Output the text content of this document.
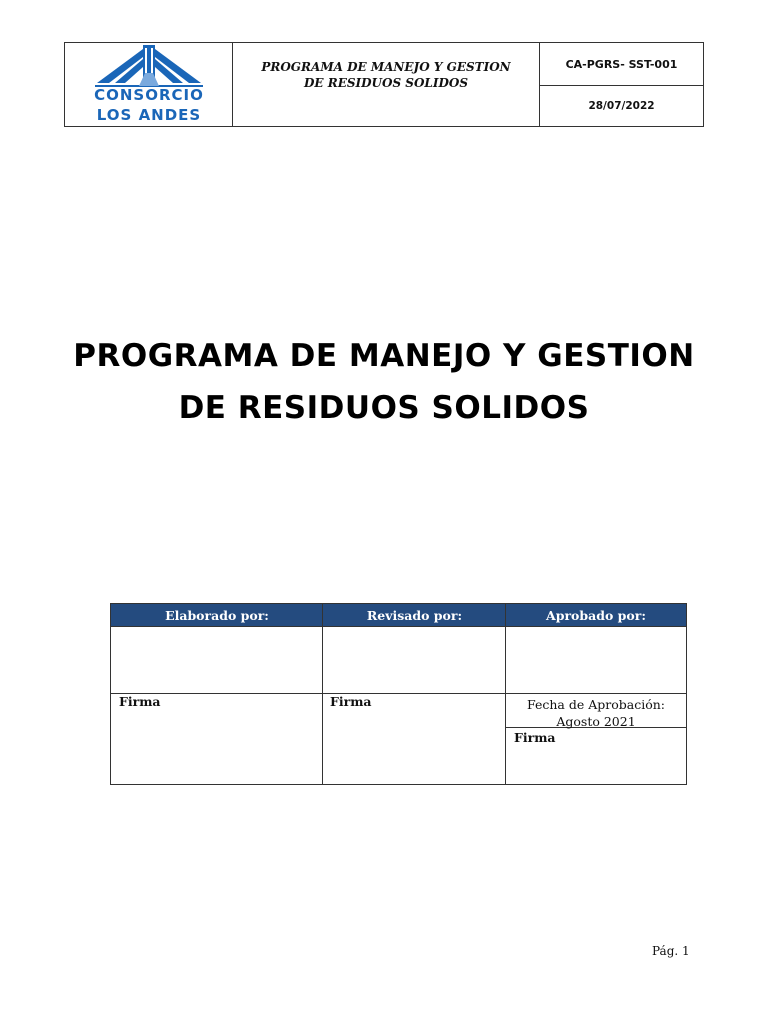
CONSORCIO
LOS ANDES
PROGRAMA DE MANEJO Y GESTION DE RESIDUOS SOLIDOS
CA-PGRS- SST-001
28/07/2022
PROGRAMA DE MANEJO Y GESTION
DE RESIDUOS SOLIDOS
Elaborado por:	Revisado por:	Aprobado por:
Firma	Firma	Fecha de Aprobación:
Agosto 2021
Firma
Pág. 1
